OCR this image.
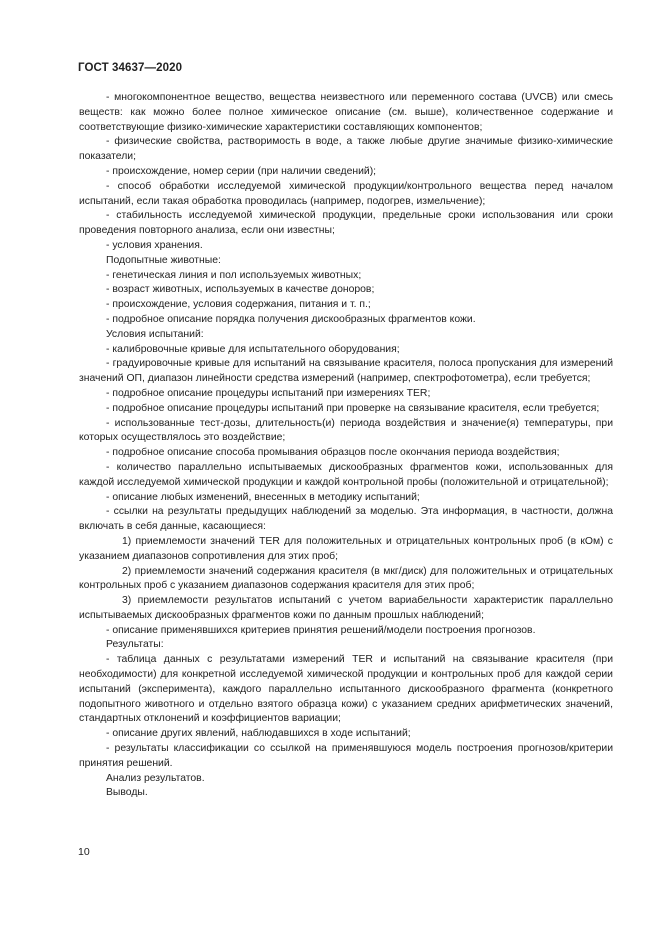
ГОСТ 34637—2020

- многокомпонентное вещество, вещества неизвестного или переменного состава (UVCB) или смесь веществ: как можно более полное химическое описание (см. выше), количественное содержание и соответствующие физико-химические характеристики составляющих компонентов;

- физические свойства, растворимость в воде, а также любые другие значимые физико-химические показатели;

- происхождение, номер серии (при наличии сведений);

- способ обработки исследуемой химической продукции/контрольного вещества перед началом испытаний, если такая обработка проводилась (например, подогрев, измельчение);

- стабильность исследуемой химической продукции, предельные сроки использования или сроки проведения повторного анализа, если они известны;

- условия хранения.

Подопытные животные:

- генетическая линия и пол используемых животных;

- возраст животных, используемых в качестве доноров;

- происхождение, условия содержания, питания и т. п.;

- подробное описание порядка получения дискообразных фрагментов кожи.

Условия испытаний:

- калибровочные кривые для испытательного оборудования;

- градуировочные кривые для испытаний на связывание красителя, полоса пропускания для измерений значений ОП, диапазон линейности средства измерений (например, спектрофотометра), если требуется;

- подробное описание процедуры испытаний при измерениях TER;

- подробное описание процедуры испытаний при проверке на связывание красителя, если требуется;

- использованные тест-дозы, длительность(и) периода воздействия и значение(я) температуры, при которых осуществлялось это воздействие;

- подробное описание способа промывания образцов после окончания периода воздействия;

- количество параллельно испытываемых дискообразных фрагментов кожи, использованных для каждой исследуемой химической продукции и каждой контрольной пробы (положительной и отрицательной);

- описание любых изменений, внесенных в методику испытаний;

- ссылки на результаты предыдущих наблюдений за моделью. Эта информация, в частности, должна включать в себя данные, касающиеся:

1) приемлемости значений TER для положительных и отрицательных контрольных проб (в кОм) с указанием диапазонов сопротивления для этих проб;

2) приемлемости значений содержания красителя (в мкг/диск) для положительных и отрицательных контрольных проб с указанием диапазонов содержания красителя для этих проб;

3) приемлемости результатов испытаний с учетом вариабельности характеристик параллельно испытываемых дискообразных фрагментов кожи по данным прошлых наблюдений;

- описание применявшихся критериев принятия решений/модели построения прогнозов.

Результаты:

- таблица данных с результатами измерений TER и испытаний на связывание красителя (при необходимости) для конкретной исследуемой химической продукции и контрольных проб для каждой серии испытаний (эксперимента), каждого параллельно испытанного дискообразного фрагмента (конкретного подопытного животного и отдельно взятого образца кожи) с указанием средних арифметических значений, стандартных отклонений и коэффициентов вариации;

- описание других явлений, наблюдавшихся в ходе испытаний;

- результаты классификации со ссылкой на применявшуюся модель построения прогнозов/критерии принятия решений.

Анализ результатов.

Выводы.

10
